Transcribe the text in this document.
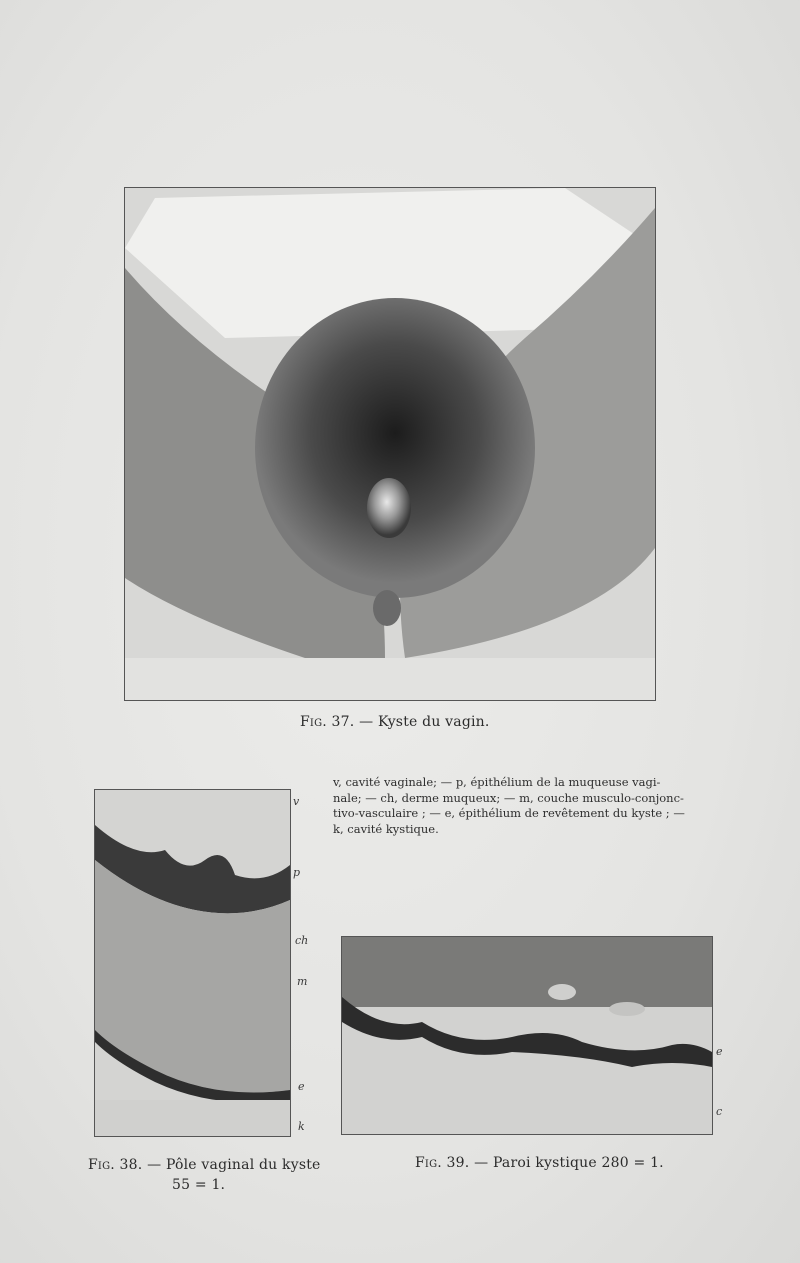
Fig. 37. — Kyste du vagin.
v, cavité vaginale; — p, épithélium de la muqueuse vagi-
nale; — ch, derme muqueux; — m, couche musculo-conjonc-
tivo-vasculaire ; — e, épithélium de revêtement du kyste ; —
k, cavité kystique.
v
p
ch
m
e
k
Fig. 38. — Pôle vaginal du kyste
55 = 1.
e
c
Fig. 39. — Paroi kystique 280 = 1.
